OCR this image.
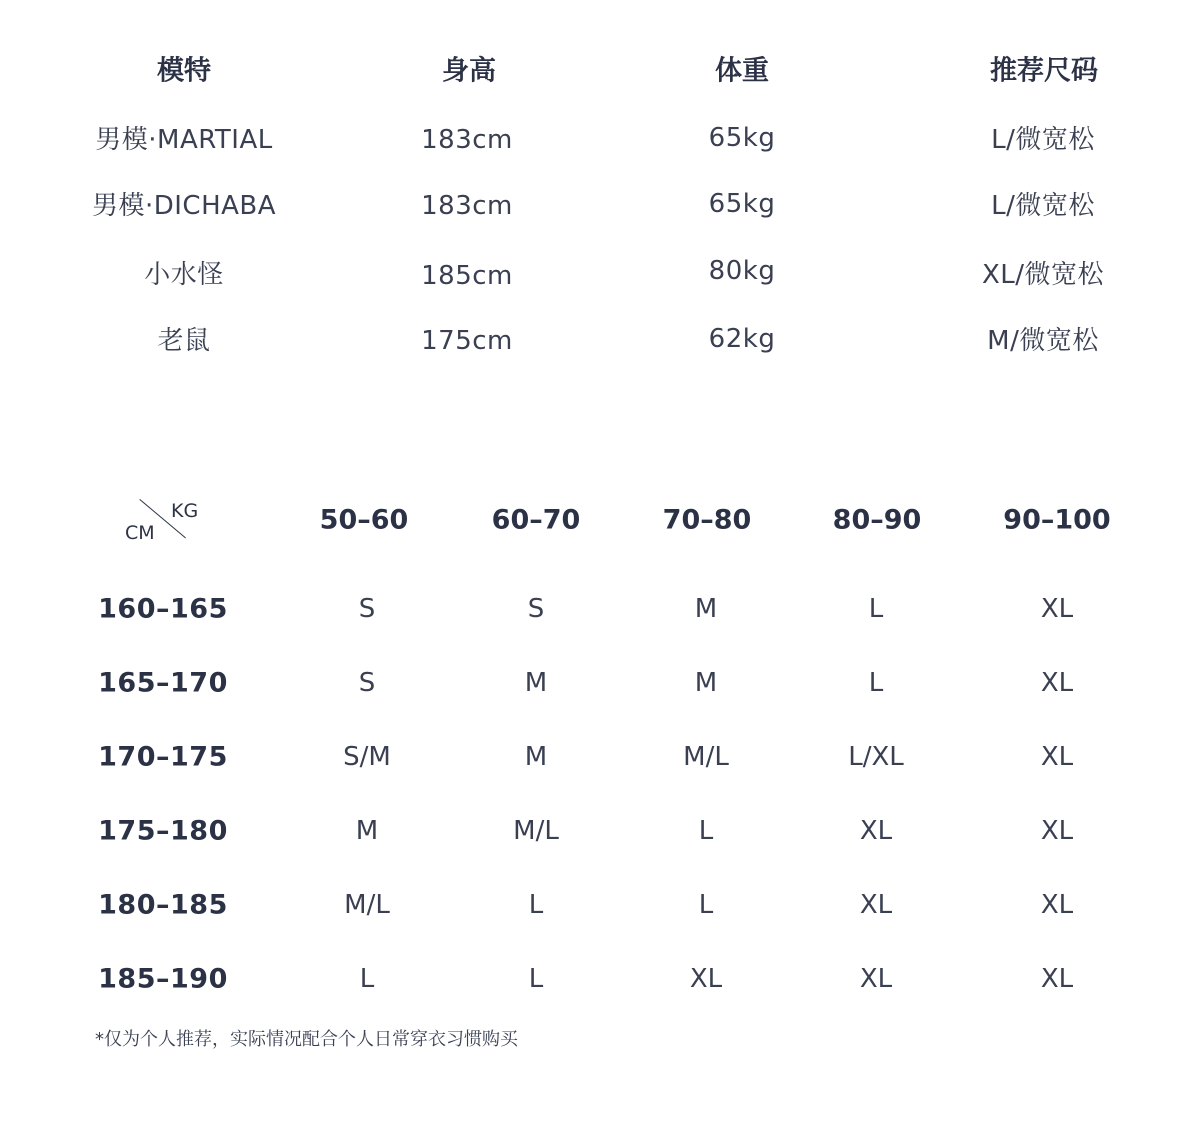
模特	身高	体重	推荐尺码
男模·MARTIAL	183cm	65kg	L/微宽松
男模·DICHABA	183cm	65kg	L/微宽松
小水怪	185cm	80kg	XL/微宽松
老鼠	175cm	62kg	M/微宽松
KG
CM	50–60	60–70	70–80	80–90	90–100
160–165	S	S	M	L	XL
165–170	S	M	M	L	XL
170–175	S/M	M	M/L	L/XL	XL
175–180	M	M/L	L	XL	XL
180–185	M/L	L	L	XL	XL
185–190	L	L	XL	XL	XL
*仅为个人推荐，实际情况配合个人日常穿衣习惯购买
